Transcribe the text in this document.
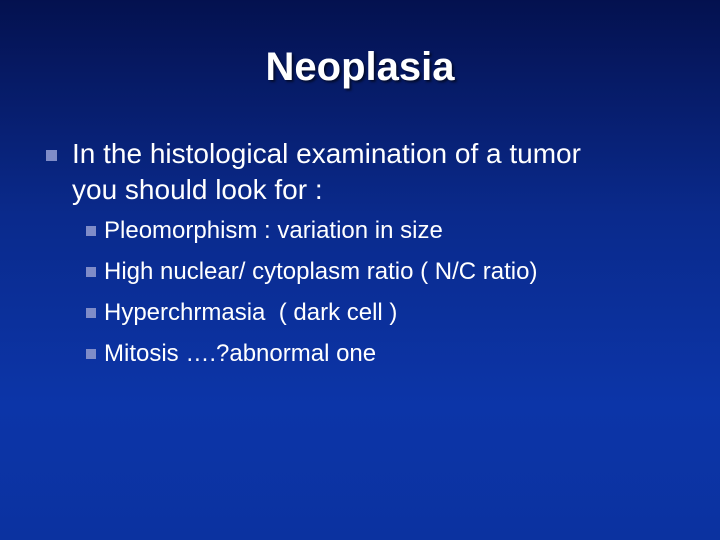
Neoplasia
In the histological examination of a tumor
you should look for :
Pleomorphism : variation in size
High nuclear/ cytoplasm ratio ( N/C ratio)
Hyperchrmasia  ( dark cell )
Mitosis ….?abnormal one
